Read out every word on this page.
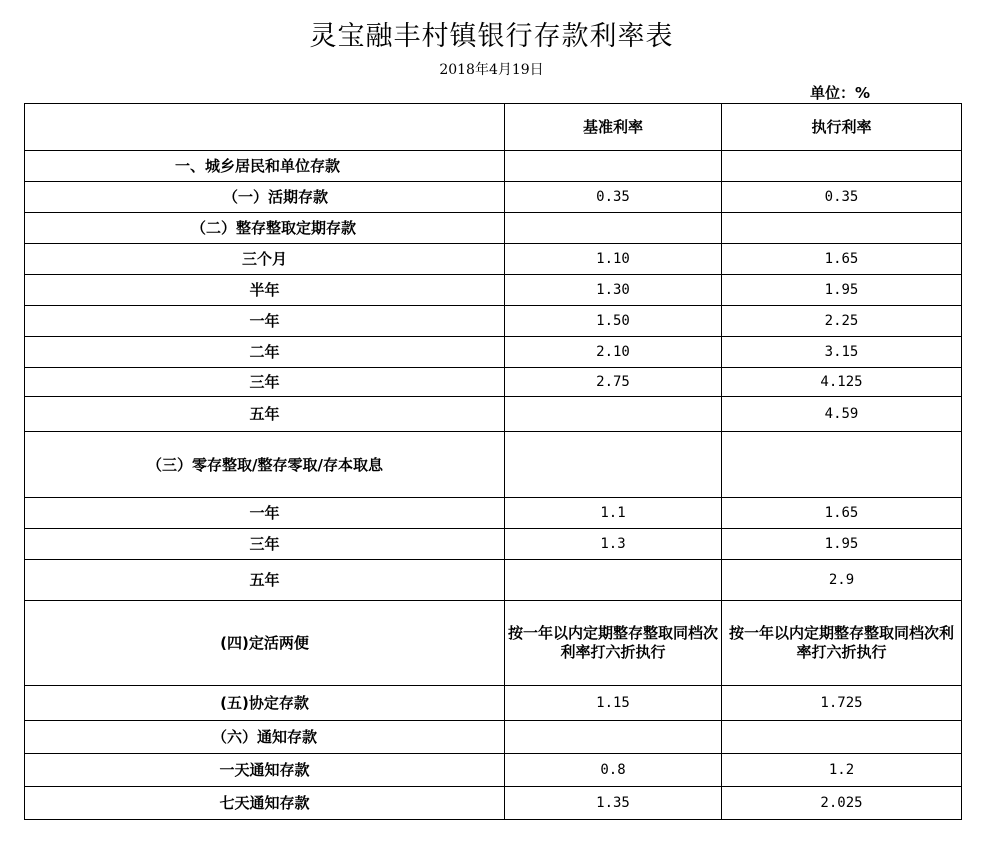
灵宝融丰村镇银行存款利率表
2018年4月19日
单位：%
	基准利率	执行利率
一、城乡居民和单位存款		
（一）活期存款	0.35	0.35
（二）整存整取定期存款		
三个月	1.10	1.65
半年	1.30	1.95
一年	1.50	2.25
二年	2.10	3.15
三年	2.75	4.125
五年		4.59
（三）零存整取/整存零取/存本取息		
一年	1.1	1.65
三年	1.3	1.95
五年		2.9
(四)定活两便	按一年以内定期整存整取同档次利率打六折执行	按一年以内定期整存整取同档次利率打六折执行
(五)协定存款	1.15	1.725
（六）通知存款		
一天通知存款	0.8	1.2
七天通知存款	1.35	2.025
